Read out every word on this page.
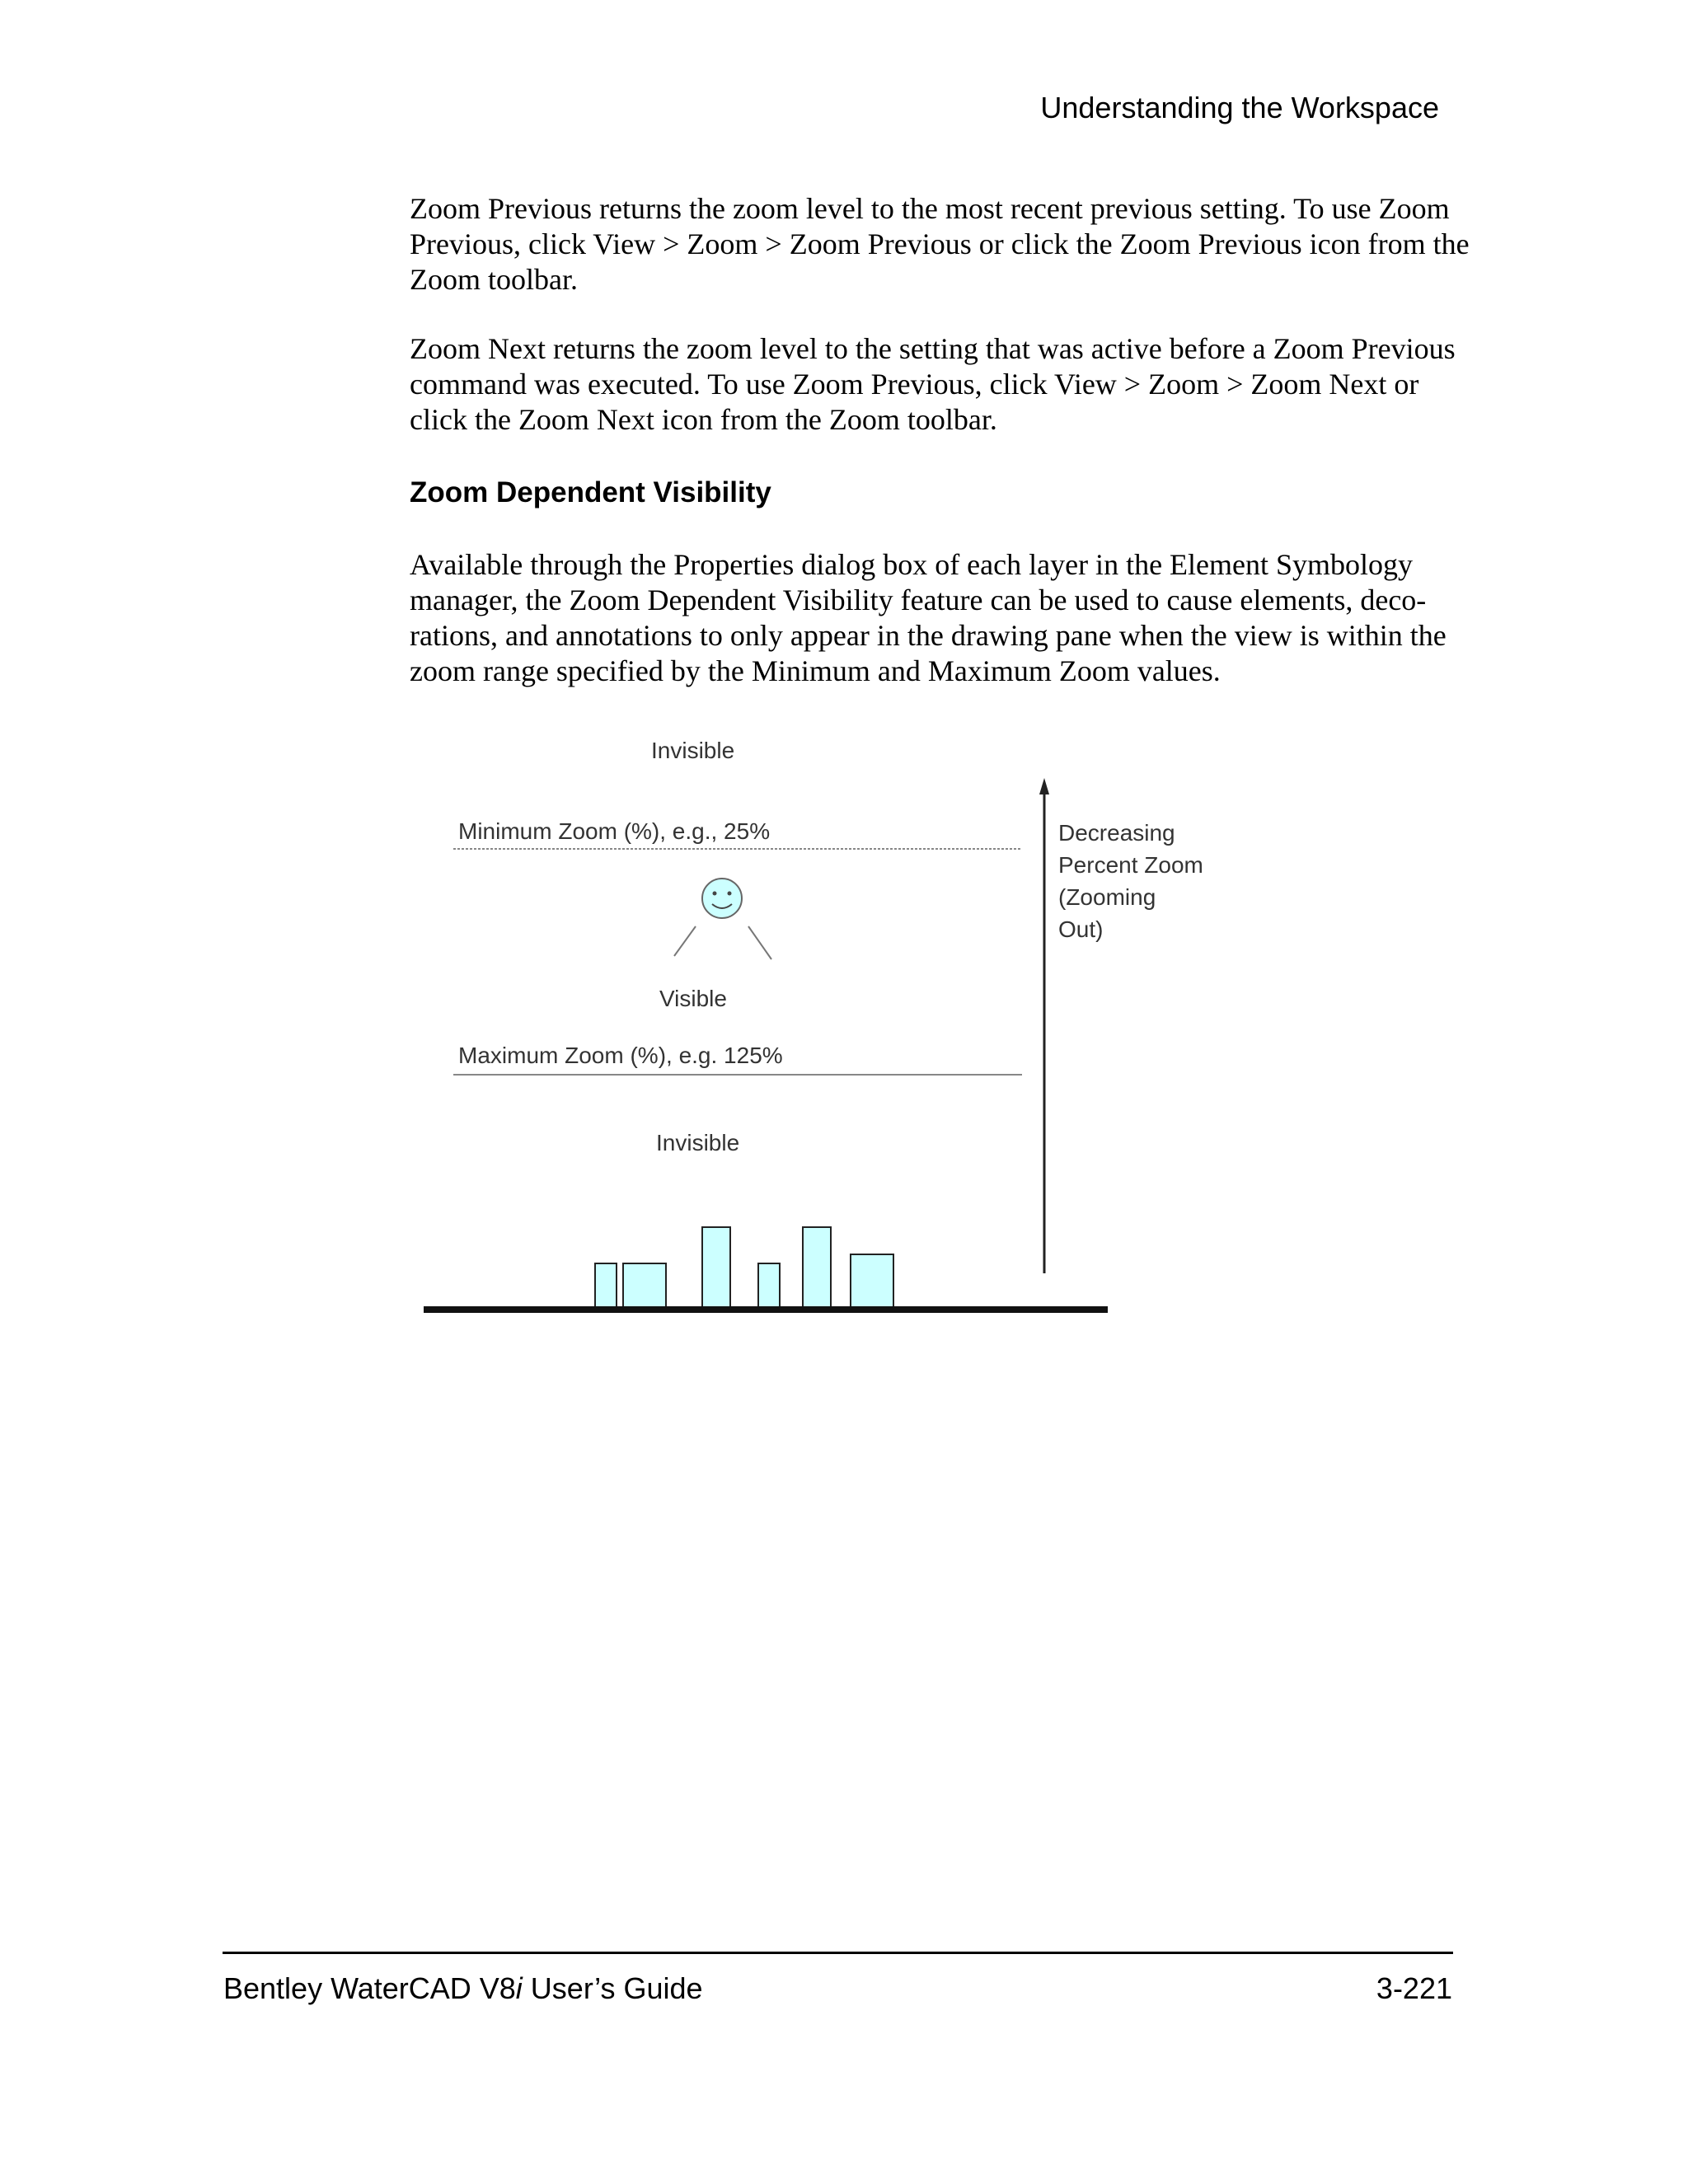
Understanding the Workspace

Zoom Previous returns the zoom level to the most recent previous setting. To use Zoom Previous, click View > Zoom > Zoom Previous or click the Zoom Previous icon from the Zoom toolbar.

Zoom Next returns the zoom level to the setting that was active before a Zoom Previous command was executed. To use Zoom Previous, click View > Zoom > Zoom Next or click the Zoom Next icon from the Zoom toolbar.

Zoom Dependent Visibility

Available through the Properties dialog box of each layer in the Element Symbology manager, the Zoom Dependent Visibility feature can be used to cause elements, deco-rations, and annotations to only appear in the drawing pane when the view is within the zoom range specified by the Minimum and Maximum Zoom values.

Invisible
Minimum Zoom (%), e.g., 25%
Visible
Maximum Zoom (%), e.g. 125%
Invisible
Decreasing
Percent Zoom
(Zooming
Out)
Bentley WaterCAD V8i User’s Guide	3-221
